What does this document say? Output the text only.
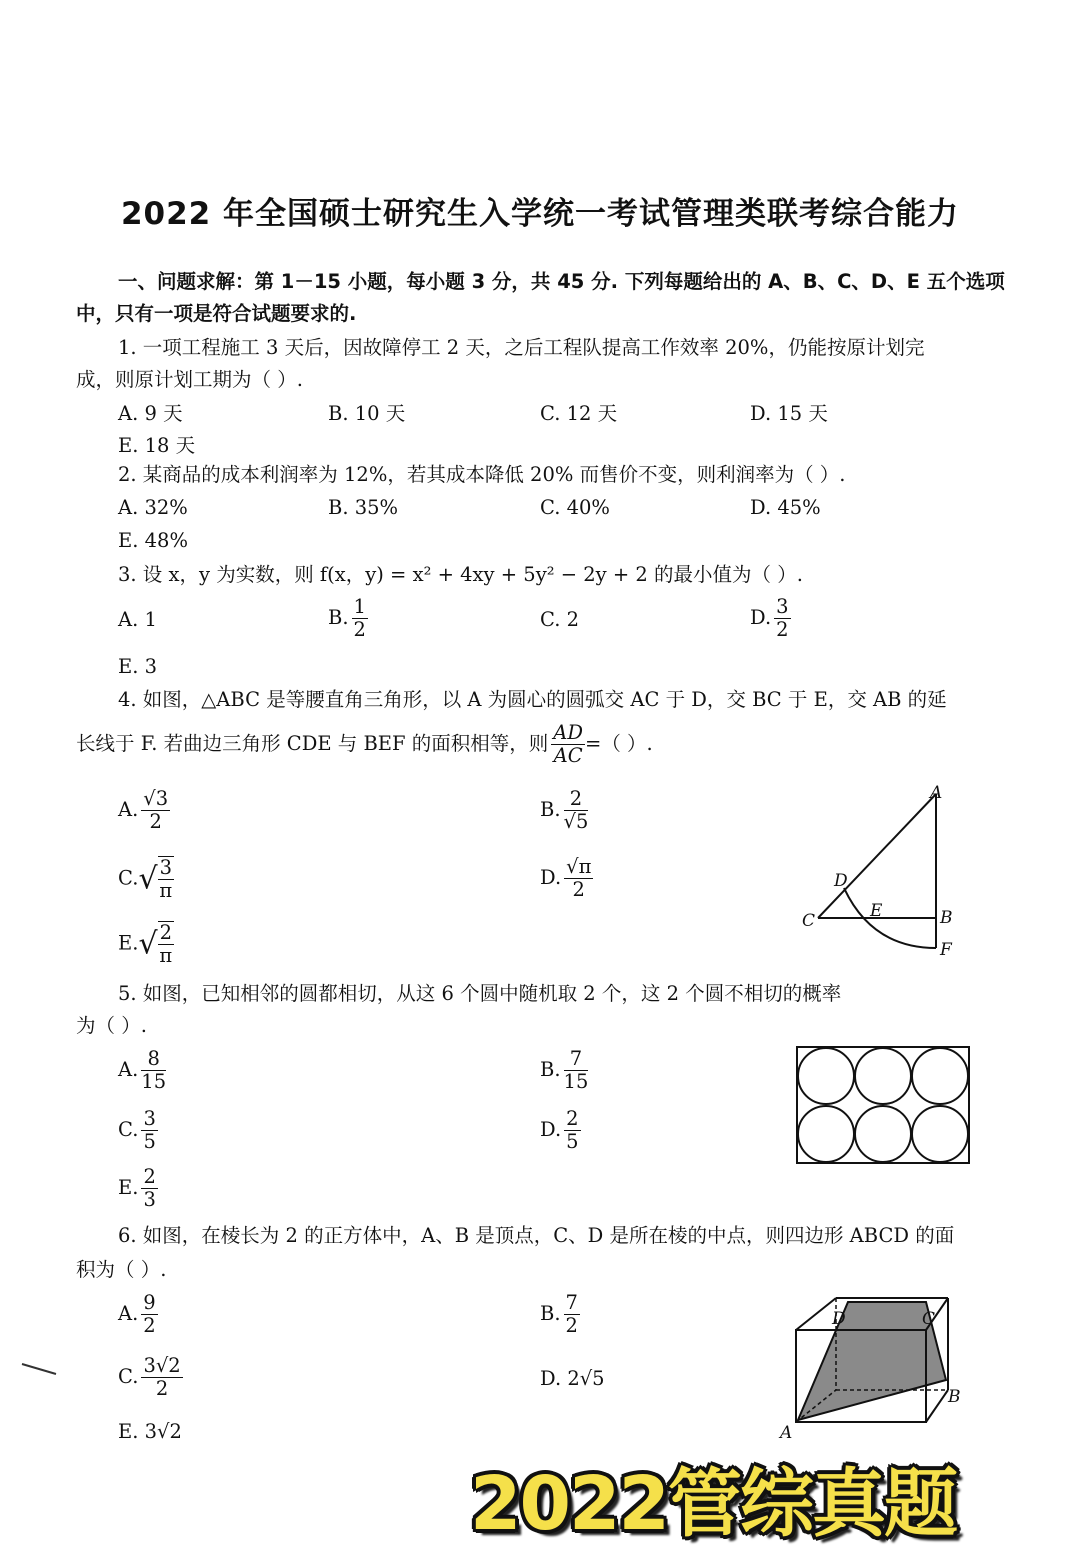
2022 年全国硕士研究生入学统一考试管理类联考综合能力
一、问题求解：第 1－15 小题，每小题 3 分，共 45 分. 下列每题给出的 A、B、C、D、E 五个选项
中，只有一项是符合试题要求的.
1. 一项工程施工 3 天后，因故障停工 2 天，之后工程队提高工作效率 20%，仍能按原计划完
成，则原计划工期为（ ）.
A. 9 天	B. 10 天	C. 12 天	D. 15 天
E. 18 天
2. 某商品的成本利润率为 12%，若其成本降低 20% 而售价不变，则利润率为（ ）.
A. 32%	B. 35%	C. 40%	D. 45%
E. 48%
3. 设 x，y 为实数，则 f(x，y) = x² + 4xy + 5y² − 2y + 2 的最小值为（ ）.
A. 1	B. $\frac{1}{2}$	C. 2	D. $\frac{3}{2}$
E. 3
4. 如图，△ABC 是等腰直角三角形，以 A 为圆心的圆弧交 AC 于 D，交 BC 于 E，交 AB 的延
长线于 F. 若曲边三角形 CDE 与 BEF 的面积相等，则 $\frac{AD}{AC}$ =（ ）.
A. $\frac{√3}{2}$	B. $\frac{2}{√5}$
$C.√ \frac{3}{\pi}$	D. $\frac{√\pi}{2}$
$E.√ \frac{2}{\pi}$
A
B
C
D
E
F
5. 如图，已知相邻的圆都相切，从这 6 个圆中随机取 2 个，这 2 个圆不相切的概率
为（ ）.
A. $\frac{8}{15}$	B. $\frac{7}{15}$
C. $\frac{3}{5}$	D. $\frac{2}{5}$
E. $\frac{2}{3}$
6. 如图，在棱长为 2 的正方体中，A、B 是顶点，C、D 是所在棱的中点，则四边形 ABCD 的面
积为（ ）.
A. $\frac{9}{2}$	B. $\frac{7}{2}$
C. $\frac{3√2}{2}$	D. 2√5
E. 3√2	A
B
C
D
2022管综真题
